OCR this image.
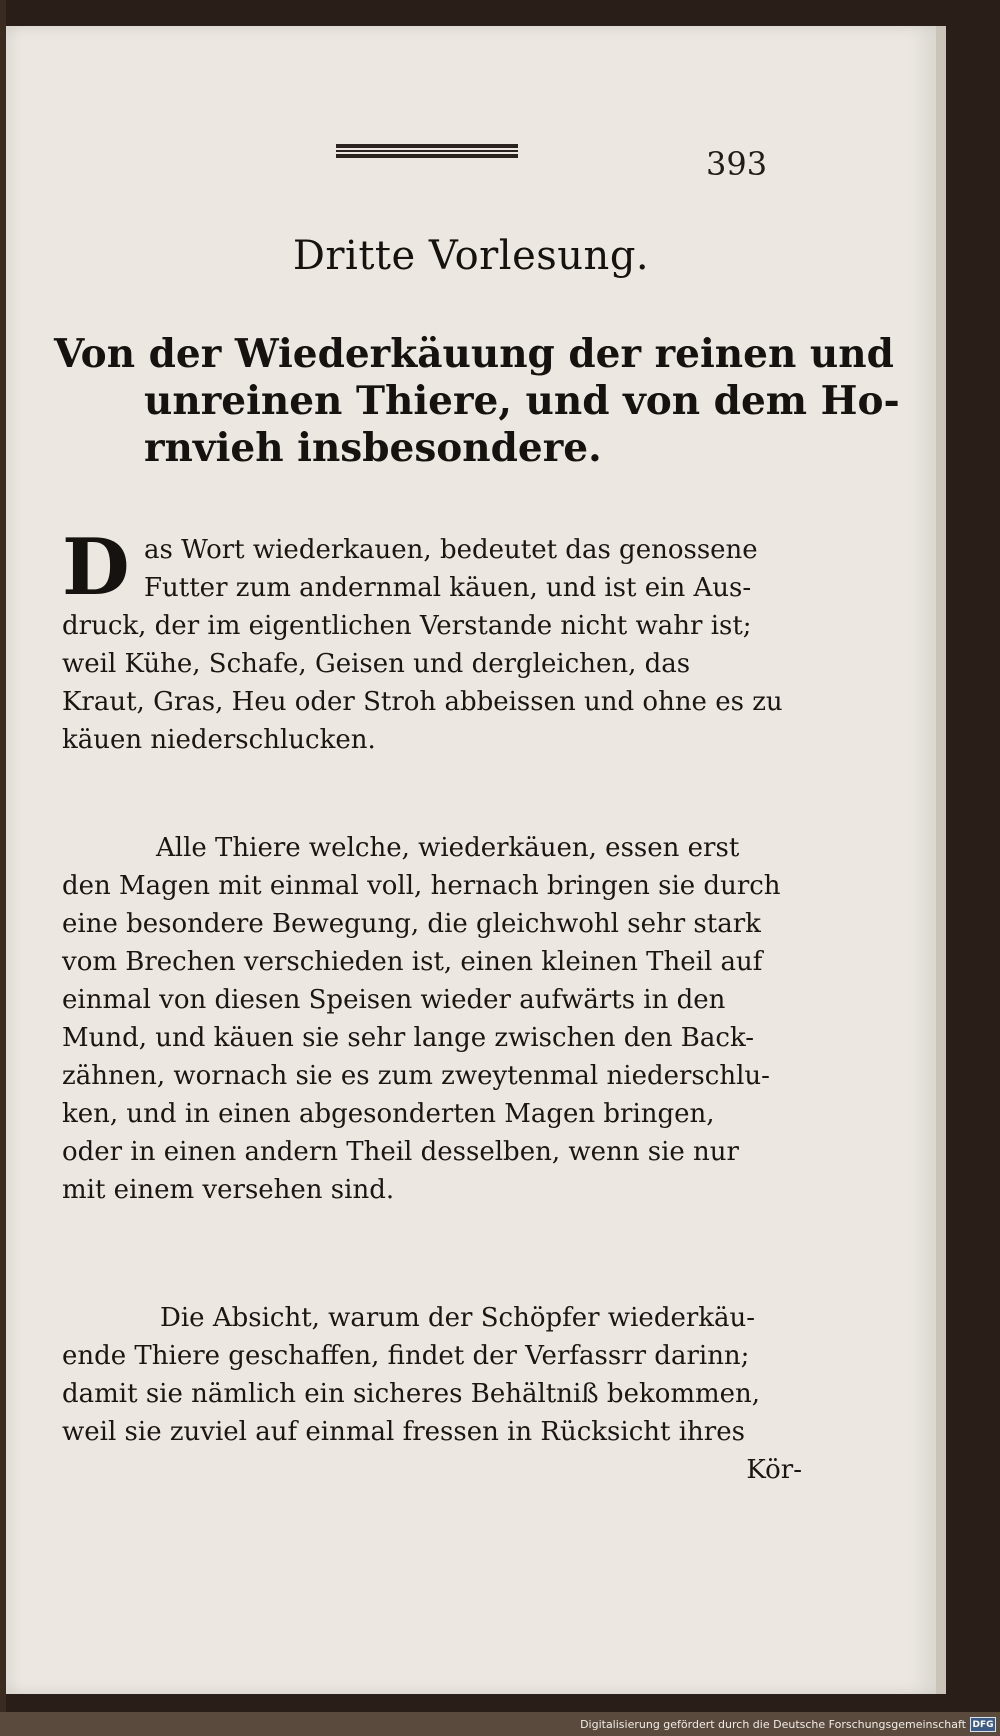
393
Dritte Vorlesung.
Von der Wiederkäuung der reinen und
unreinen Thiere, und von dem Ho-
rnvieh insbesondere.
D as Wort wiederkauen, bedeutet das genossene
Futter zum andernmal käuen, und ist ein Aus-
druck, der im eigentlichen Verstande nicht wahr ist;
weil Kühe, Schafe, Geisen und dergleichen, das
Kraut, Gras, Heu oder Stroh abbeissen und ohne es zu
käuen niederschlucken.
Alle Thiere welche, wiederkäuen, essen erst
den Magen mit einmal voll, hernach bringen sie durch
eine besondere Bewegung, die gleichwohl sehr stark
vom Brechen verschieden ist, einen kleinen Theil auf
einmal von diesen Speisen wieder aufwärts in den
Mund, und käuen sie sehr lange zwischen den Back-
zähnen, wornach sie es zum zweytenmal niederschlu-
ken, und in einen abgesonderten Magen bringen,
oder in einen andern Theil desselben, wenn sie nur
mit einem versehen sind.
Die Absicht, warum der Schöpfer wiederkäu-
ende Thiere geschaffen, findet der Verfassrr darinn;
damit sie nämlich ein sicheres Behältniß bekommen,
weil sie zuviel auf einmal fressen in Rücksicht ihres
Kör-
Digitalisierung gefördert durch die Deutsche Forschungsgemeinschaft DFG
